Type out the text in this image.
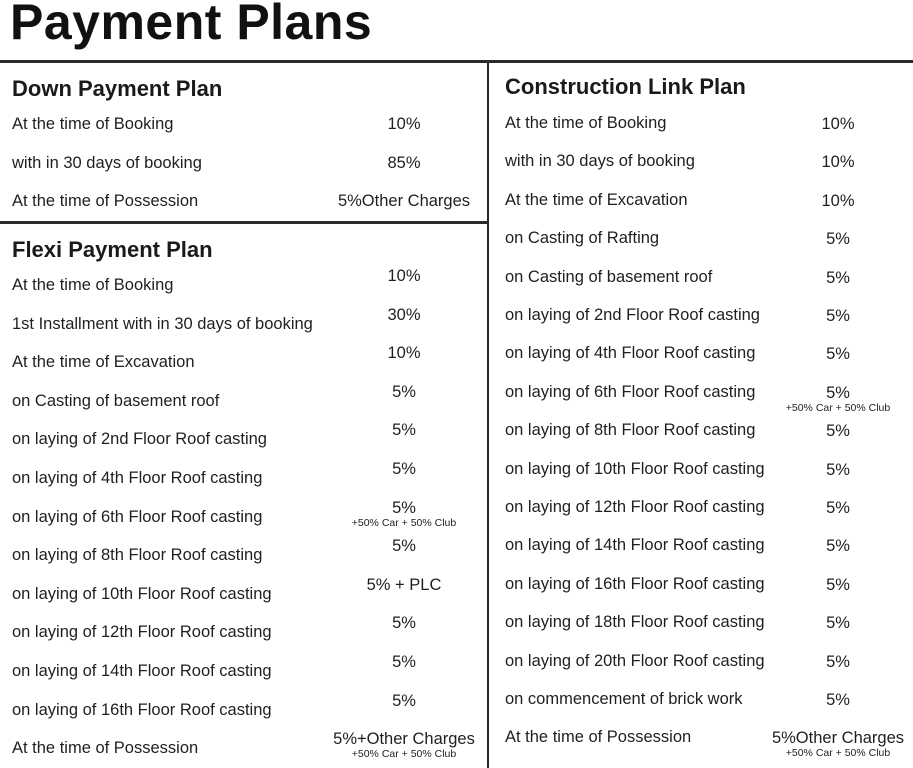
Payment Plans
Down Payment Plan
At the time of Booking	10%
with in 30 days of booking	85%
At the time of Possession	5%Other Charges
Flexi Payment Plan
At the time of Booking	10%
1st Installment with in 30 days of booking	30%
At the time of Excavation	10%
on Casting of basement roof	5%
on laying of 2nd Floor Roof casting	5%
on laying of 4th Floor Roof casting	5%
on laying of 6th Floor Roof casting	5%
+50% Car + 50% Club
on laying of 8th Floor Roof casting	5%
on laying of 10th Floor Roof casting	5% + PLC
on laying of 12th Floor Roof casting	5%
on laying of 14th Floor Roof casting	5%
on laying of 16th Floor Roof casting	5%
At the time of Possession	5%+Other Charges
+50% Car + 50% Club
Construction Link Plan
At the time of Booking	10%
with in 30 days of booking	10%
At the time of Excavation	10%
on Casting of Rafting	5%
on Casting of basement roof	5%
on laying of 2nd Floor Roof casting	5%
on laying of 4th Floor Roof casting	5%
on laying of 6th Floor Roof casting	5%
+50% Car + 50% Club
on laying of 8th Floor Roof casting	5%
on laying of 10th Floor Roof casting	5%
on laying of 12th Floor Roof casting	5%
on laying of 14th Floor Roof casting	5%
on laying of 16th Floor Roof casting	5%
on laying of 18th Floor Roof casting	5%
on laying of 20th Floor Roof casting	5%
on commencement of brick work	5%
At the time of Possession	5%Other Charges
+50% Car + 50% Club
